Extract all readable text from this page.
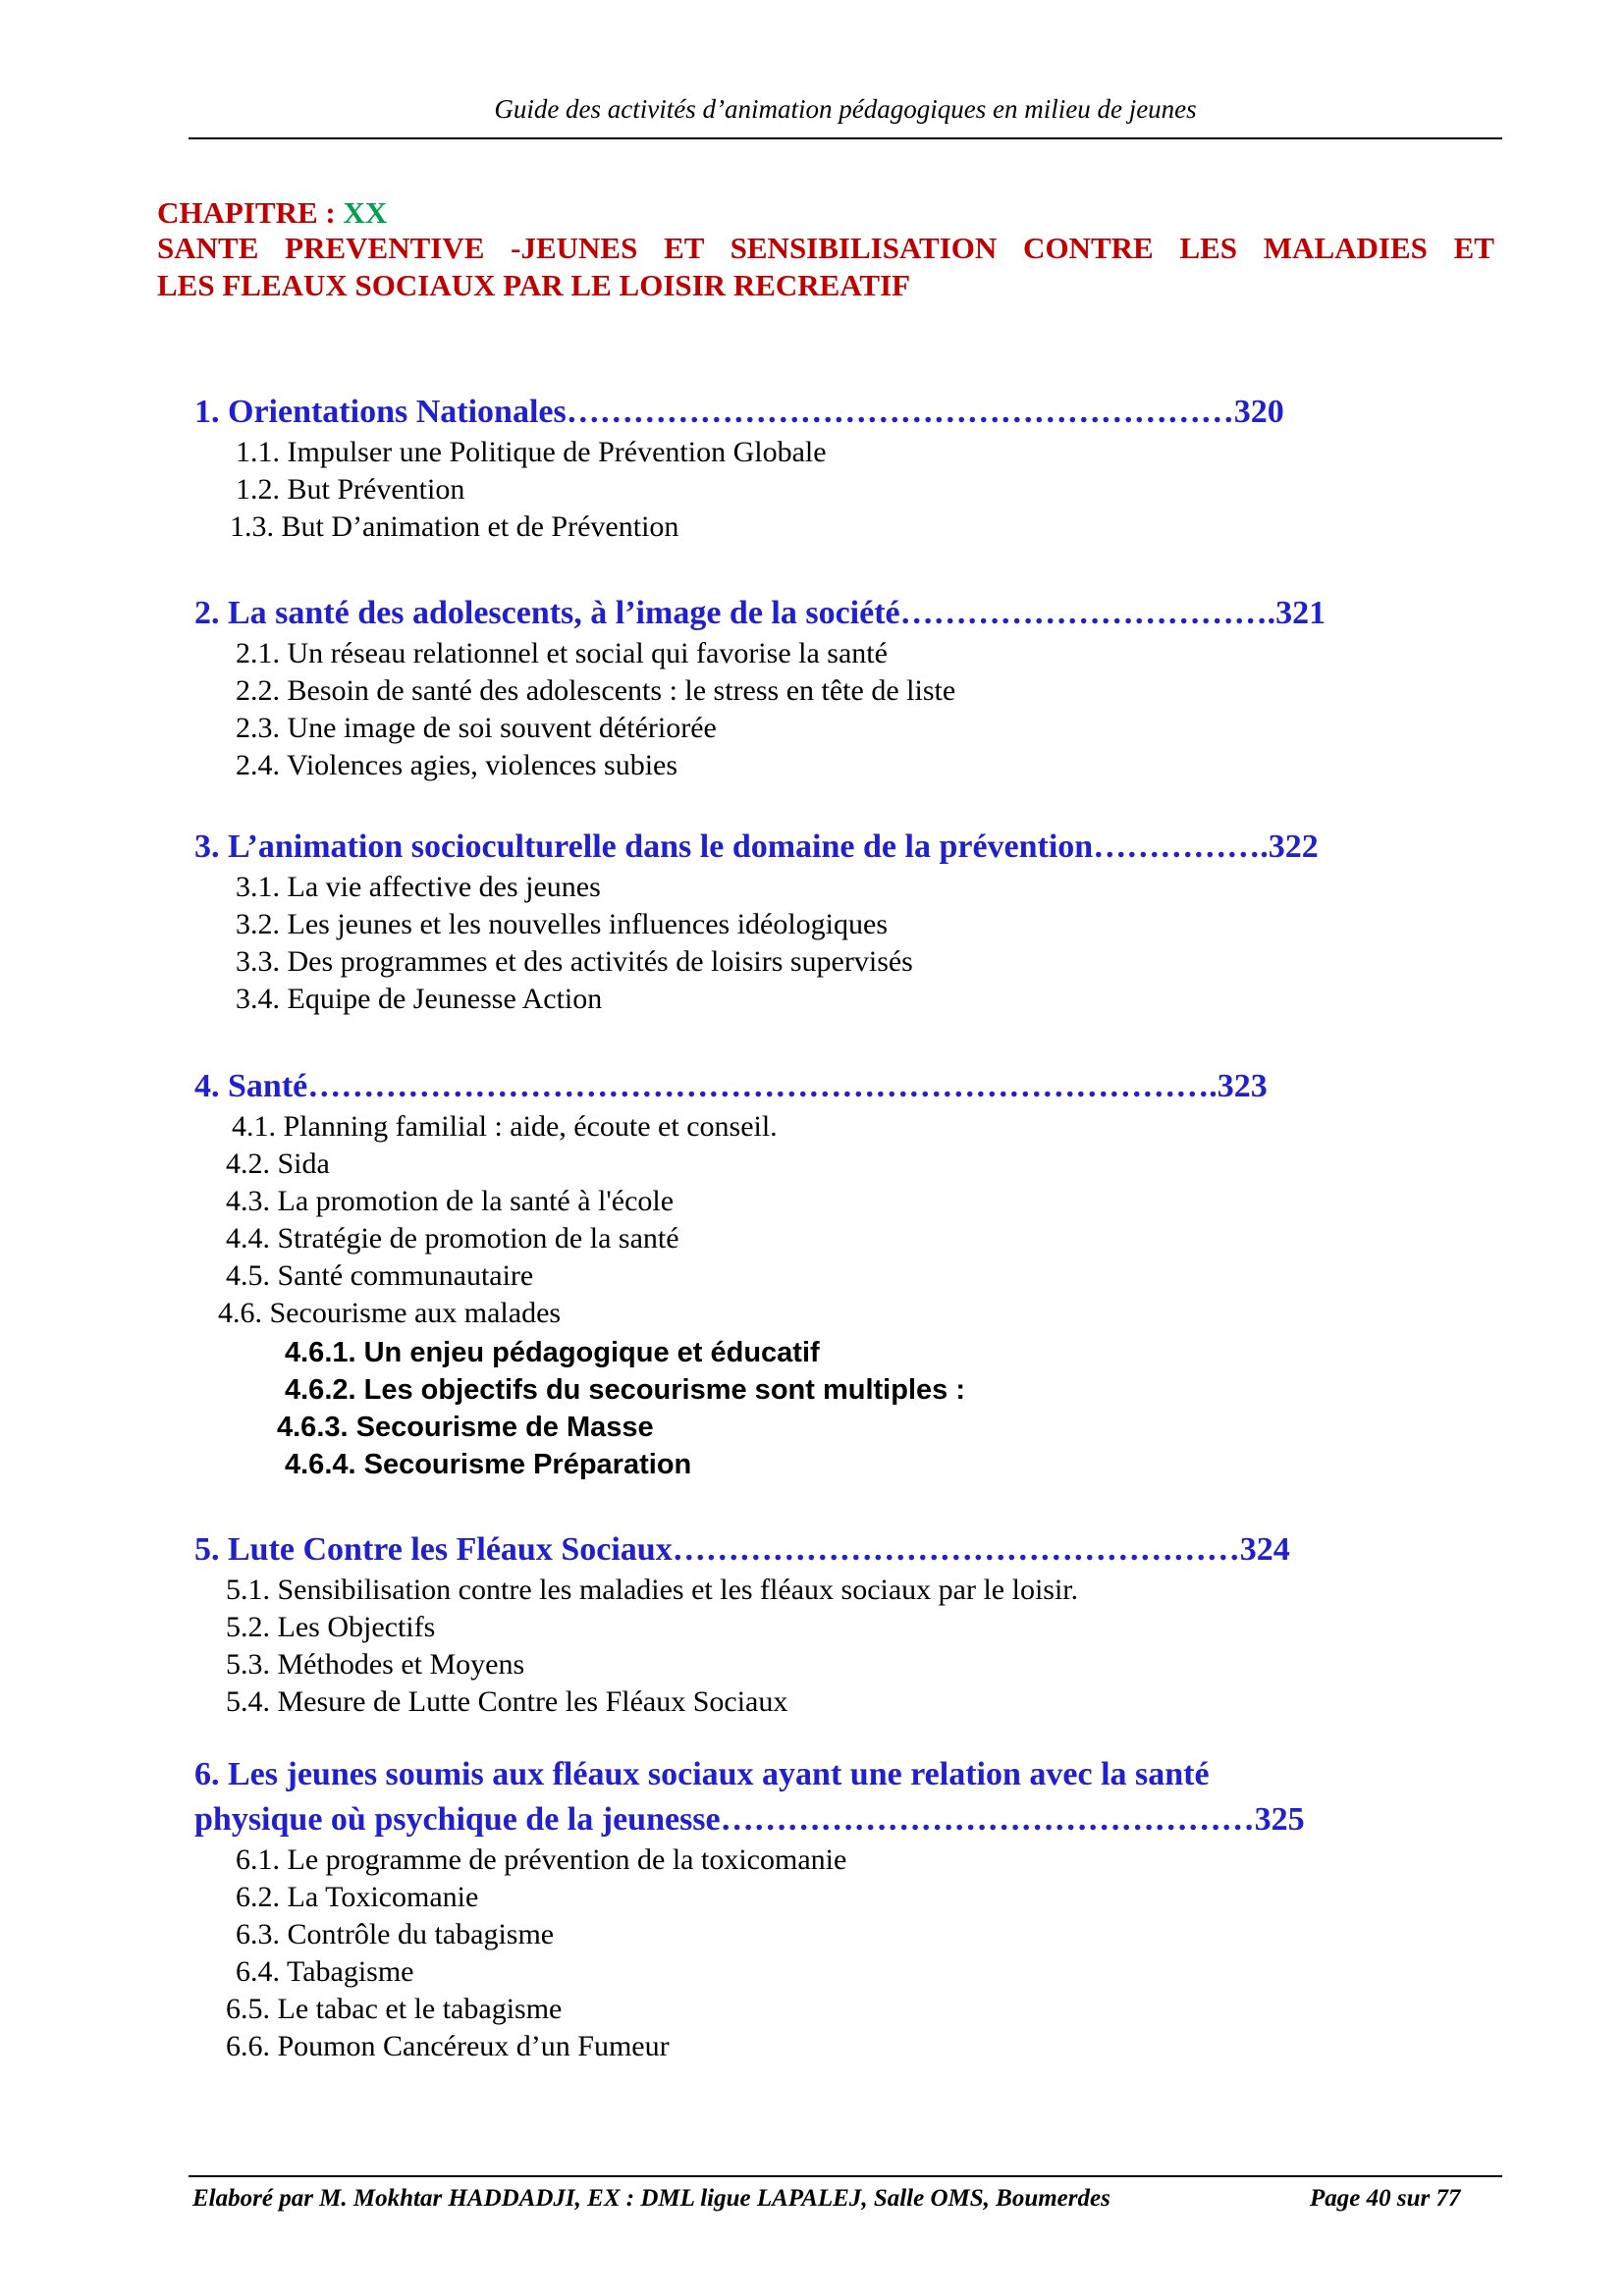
Guide des activités d’animation pédagogiques en milieu de jeunes
CHAPITRE : XX
SANTE PREVENTIVE -JEUNES ET SENSIBILISATION CONTRE LES MALADIES ET
LES FLEAUX SOCIAUX PAR LE LOISIR RECREATIF
1. Orientations Nationales……………………………………………………320
1.1. Impulser une Politique de Prévention Globale
1.2. But Prévention
1.3. But D’animation et de Prévention
2. La santé des adolescents, à l’image de la société…………………………….321
2.1. Un réseau relationnel et social qui favorise la santé
2.2. Besoin de santé des adolescents : le stress en tête de liste
2.3. Une image de soi souvent détériorée
2.4. Violences agies, violences subies
3. L’animation socioculturelle dans le domaine de la prévention…………….322
3.1. La vie affective des jeunes
3.2. Les jeunes et les nouvelles influences idéologiques
3.3. Des programmes et des activités de loisirs supervisés
3.4. Equipe de Jeunesse Action
4. Santé……………………………………………………………………….323
4.1. Planning familial : aide, écoute et conseil.
4.2. Sida
4.3. La promotion de la santé à l'école
4.4. Stratégie de promotion de la santé
4.5. Santé communautaire
4.6. Secourisme aux malades
4.6.1. Un enjeu pédagogique et éducatif
4.6.2. Les objectifs du secourisme sont multiples :
4.6.3. Secourisme de Masse
4.6.4. Secourisme Préparation
5. Lute Contre les Fléaux Sociaux……………………………………………324
5.1. Sensibilisation contre les maladies et les fléaux sociaux par le loisir.
5.2. Les Objectifs
5.3. Méthodes et Moyens
5.4. Mesure de Lutte Contre les Fléaux Sociaux
6. Les jeunes soumis aux fléaux sociaux ayant une relation avec la santé
physique où psychique de la jeunesse…………………………………………325
6.1. Le programme de prévention de la toxicomanie
6.2. La Toxicomanie
6.3. Contrôle du tabagisme
6.4. Tabagisme
6.5. Le tabac et le tabagisme
6.6. Poumon Cancéreux d’un Fumeur
Elaboré par M. Mokhtar HADDADJI, EX : DML ligue LAPALEJ, Salle OMS, Boumerdes	Page 40 sur 77
